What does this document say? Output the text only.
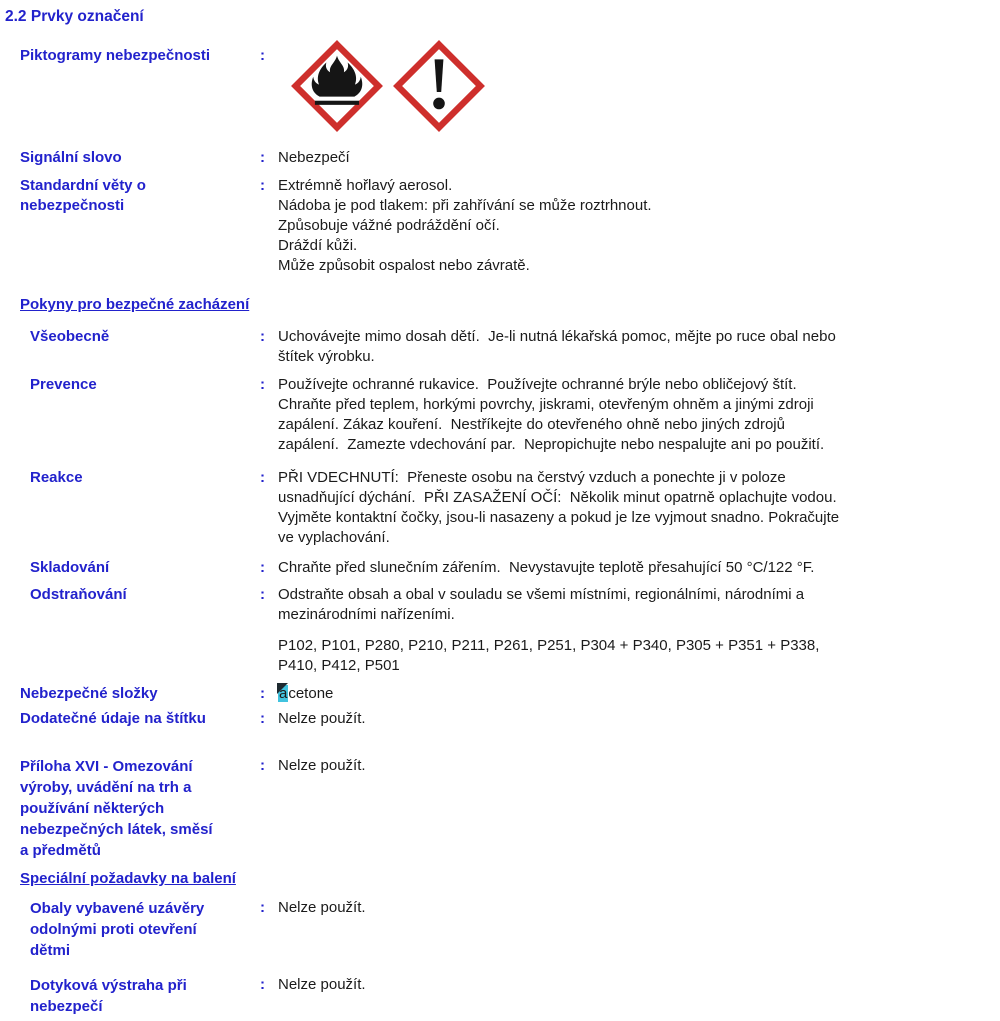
2.2 Prvky označení
Piktogramy nebezpečnosti	:
Signální slovo	: Nebezpečí
Standardní věty o
nebezpečnosti
: Extrémně hořlavý aerosol.
Nádoba je pod tlakem: při zahřívání se může roztrhnout.
Způsobuje vážné podráždění očí.
Dráždí kůži.
Může způsobit ospalost nebo závratě.
Pokyny pro bezpečné zacházení
Všeobecně	: Uchovávejte mimo dosah dětí.  Je-li nutná lékařská pomoc, mějte po ruce obal nebo
štítek výrobku.
Prevence	: Používejte ochranné rukavice.  Používejte ochranné brýle nebo obličejový štít.
Chraňte před teplem, horkými povrchy, jiskrami, otevřeným ohněm a jinými zdroji
zapálení. Zákaz kouření.  Nestříkejte do otevřeného ohně nebo jiných zdrojů
zapálení.  Zamezte vdechování par.  Nepropichujte nebo nespalujte ani po použití.
Reakce	: PŘI VDECHNUTÍ:  Přeneste osobu na čerstvý vzduch a ponechte ji v poloze
usnadňující dýchání.  PŘI ZASAŽENÍ OČÍ:  Několik minut opatrně oplachujte vodou.
Vyjměte kontaktní čočky, jsou-li nasazeny a pokud je lze vyjmout snadno. Pokračujte
ve vyplachování.
Skladování	: Chraňte před slunečním zářením.  Nevystavujte teplotě přesahující 50 °C/122 °F.
Odstraňování	: Odstraňte obsah a obal v souladu se všemi místními, regionálními, národními a
mezinárodními nařízeními.
P102, P101, P280, P210, P211, P261, P251, P304 + P340, P305 + P351 + P338,
P410, P412, P501
Nebezpečné složky	: acetone
Dodatečné údaje na štítku	: Nelze použít.
Příloha XVI - Omezování
výroby, uvádění na trh a
používání některých
nebezpečných látek, směsí
a předmětů
: Nelze použít.
Speciální požadavky na balení
Obaly vybavené uzávěry
odolnými proti otevření
dětmi
: Nelze použít.
Dotyková výstraha při
nebezpečí
: Nelze použít.
